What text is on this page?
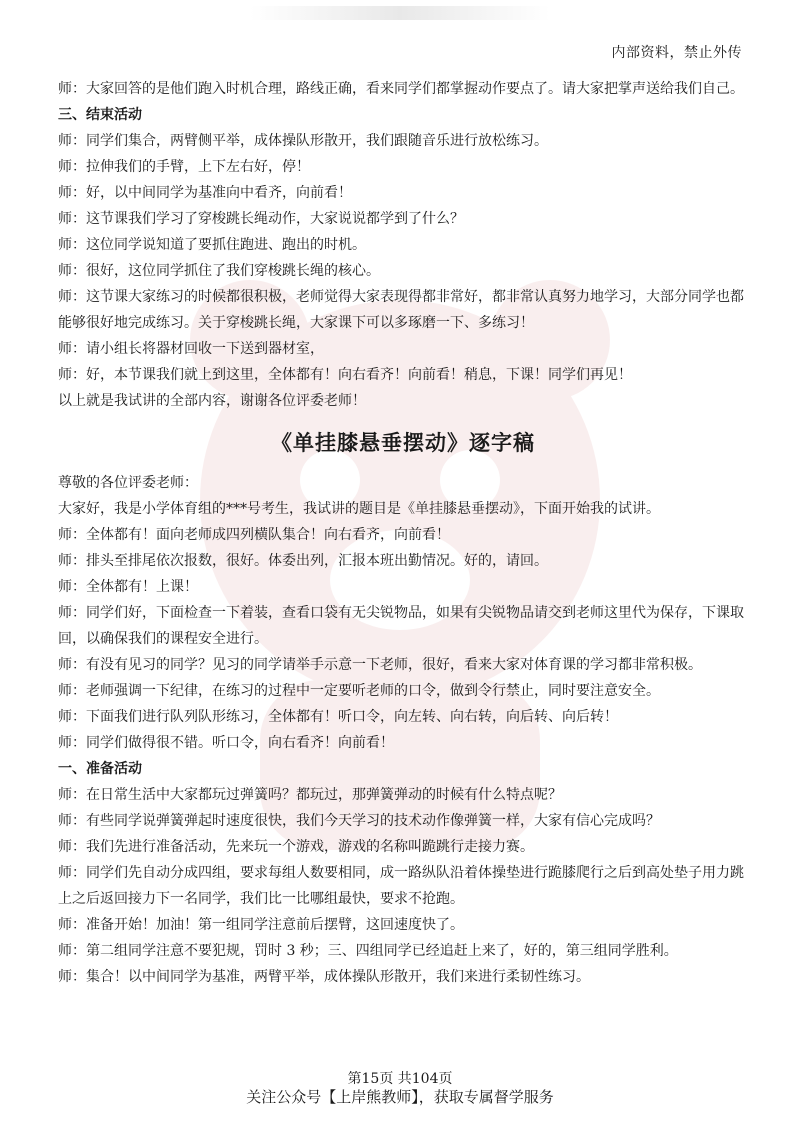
内部资料，禁止外传
师：大家回答的是他们跑入时机合理，路线正确，看来同学们都掌握动作要点了。请大家把掌声送给我们自己。
三、结束活动
师：同学们集合，两臂侧平举，成体操队形散开，我们跟随音乐进行放松练习。
师：拉伸我们的手臂，上下左右好，停！
师：好，以中间同学为基准向中看齐，向前看！
师：这节课我们学习了穿梭跳长绳动作，大家说说都学到了什么？
师：这位同学说知道了要抓住跑进、跑出的时机。
师：很好，这位同学抓住了我们穿梭跳长绳的核心。
师：这节课大家练习的时候都很积极，老师觉得大家表现得都非常好，都非常认真努力地学习，大部分同学也都能够很好地完成练习。关于穿梭跳长绳，大家课下可以多琢磨一下、多练习！
师：请小组长将器材回收一下送到器材室，
师：好，本节课我们就上到这里，全体都有！向右看齐！向前看！稍息，下课！同学们再见！
以上就是我试讲的全部内容，谢谢各位评委老师！
《单挂膝悬垂摆动》逐字稿
尊敬的各位评委老师：
大家好，我是小学体育组的***号考生，我试讲的题目是《单挂膝悬垂摆动》，下面开始我的试讲。
师：全体都有！面向老师成四列横队集合！向右看齐，向前看！
师：排头至排尾依次报数，很好。体委出列，汇报本班出勤情况。好的，请回。
师：全体都有！上课！
师：同学们好，下面检查一下着装，查看口袋有无尖锐物品，如果有尖锐物品请交到老师这里代为保存，下课取回，以确保我们的课程安全进行。
师：有没有见习的同学？见习的同学请举手示意一下老师，很好，看来大家对体育课的学习都非常积极。
师：老师强调一下纪律，在练习的过程中一定要听老师的口令，做到令行禁止，同时要注意安全。
师：下面我们进行队列队形练习，全体都有！听口令，向左转、向右转，向后转、向后转！
师：同学们做得很不错。听口令，向右看齐！向前看！
一、准备活动
师：在日常生活中大家都玩过弹簧吗？都玩过，那弹簧弹动的时候有什么特点呢？
师：有些同学说弹簧弹起时速度很快，我们今天学习的技术动作像弹簧一样，大家有信心完成吗？
师：我们先进行准备活动，先来玩一个游戏，游戏的名称叫跪跳行走接力赛。
师：同学们先自动分成四组，要求每组人数要相同，成一路纵队沿着体操垫进行跪膝爬行之后到高处垫子用力跳上之后返回接力下一名同学，我们比一比哪组最快，要求不抢跑。
师：准备开始！加油！第一组同学注意前后摆臂，这回速度快了。
师：第二组同学注意不要犯规，罚时 3 秒；三、四组同学已经追赶上来了，好的，第三组同学胜利。
师：集合！以中间同学为基准，两臂平举，成体操队形散开，我们来进行柔韧性练习。
第15页 共104页
关注公众号【上岸熊教师】，获取专属督学服务
